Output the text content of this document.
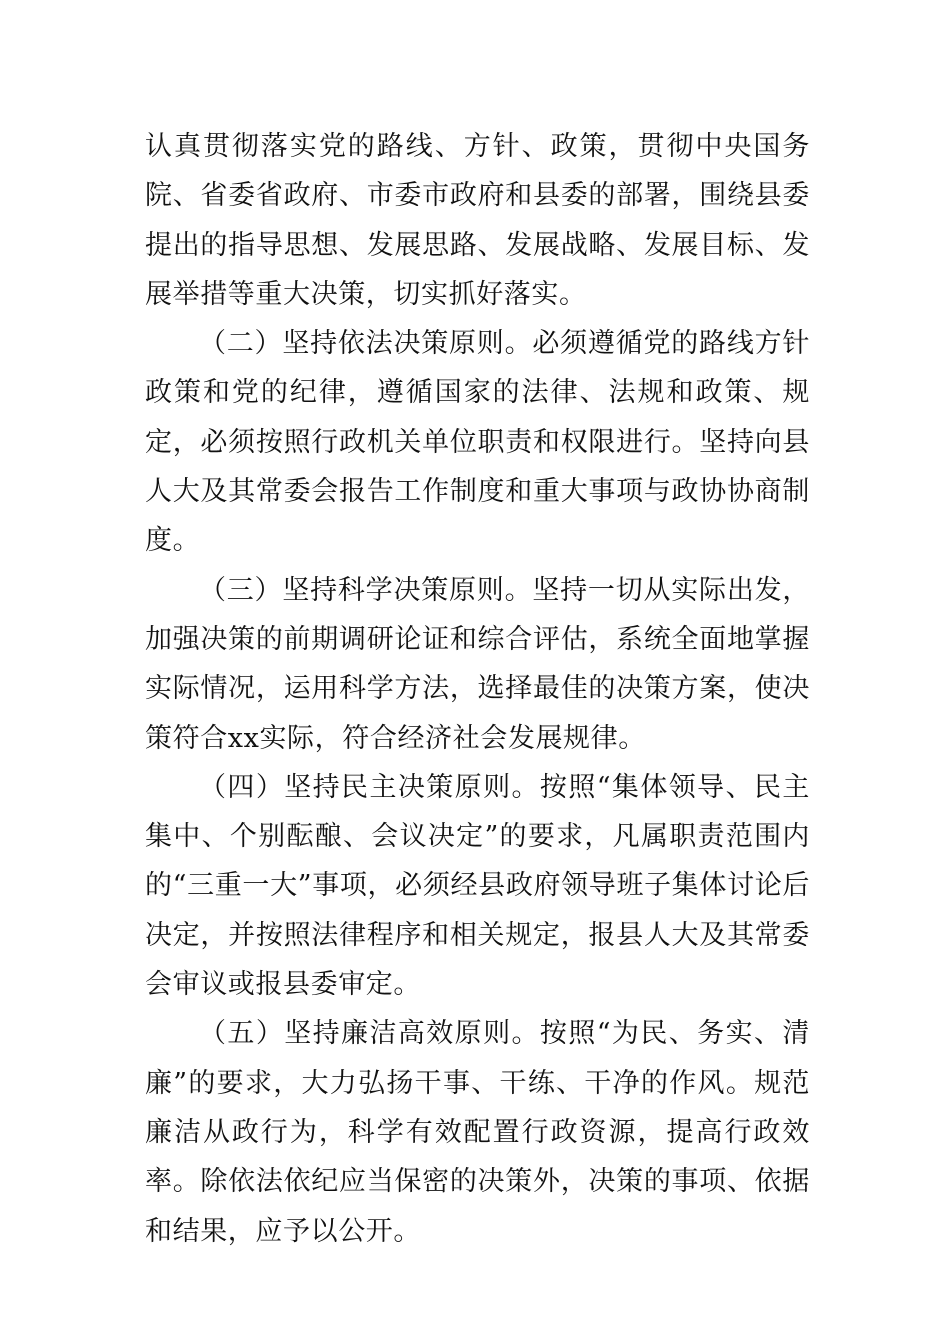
认真贯彻落实党的路线、方针、政策，贯彻中央国务院、省委省政府、市委市政府和县委的部署，围绕县委提出的指导思想、发展思路、发展战略、发展目标、发展举措等重大决策，切实抓好落实。

（二）坚持依法决策原则。必须遵循党的路线方针政策和党的纪律，遵循国家的法律、法规和政策、规定，必须按照行政机关单位职责和权限进行。坚持向县人大及其常委会报告工作制度和重大事项与政协协商制度。

（三）坚持科学决策原则。坚持一切从实际出发，加强决策的前期调研论证和综合评估，系统全面地掌握实际情况，运用科学方法，选择最佳的决策方案，使决策符合xx实际，符合经济社会发展规律。

（四）坚持民主决策原则。按照“集体领导、民主集中、个别酝酿、会议决定”的要求，凡属职责范围内的“三重一大”事项，必须经县政府领导班子集体讨论后决定，并按照法律程序和相关规定，报县人大及其常委会审议或报县委审定。

（五）坚持廉洁高效原则。按照“为民、务实、清廉”的要求，大力弘扬干事、干练、干净的作风。规范廉洁从政行为，科学有效配置行政资源，提高行政效率。除依法依纪应当保密的决策外，决策的事项、依据和结果，应予以公开。
